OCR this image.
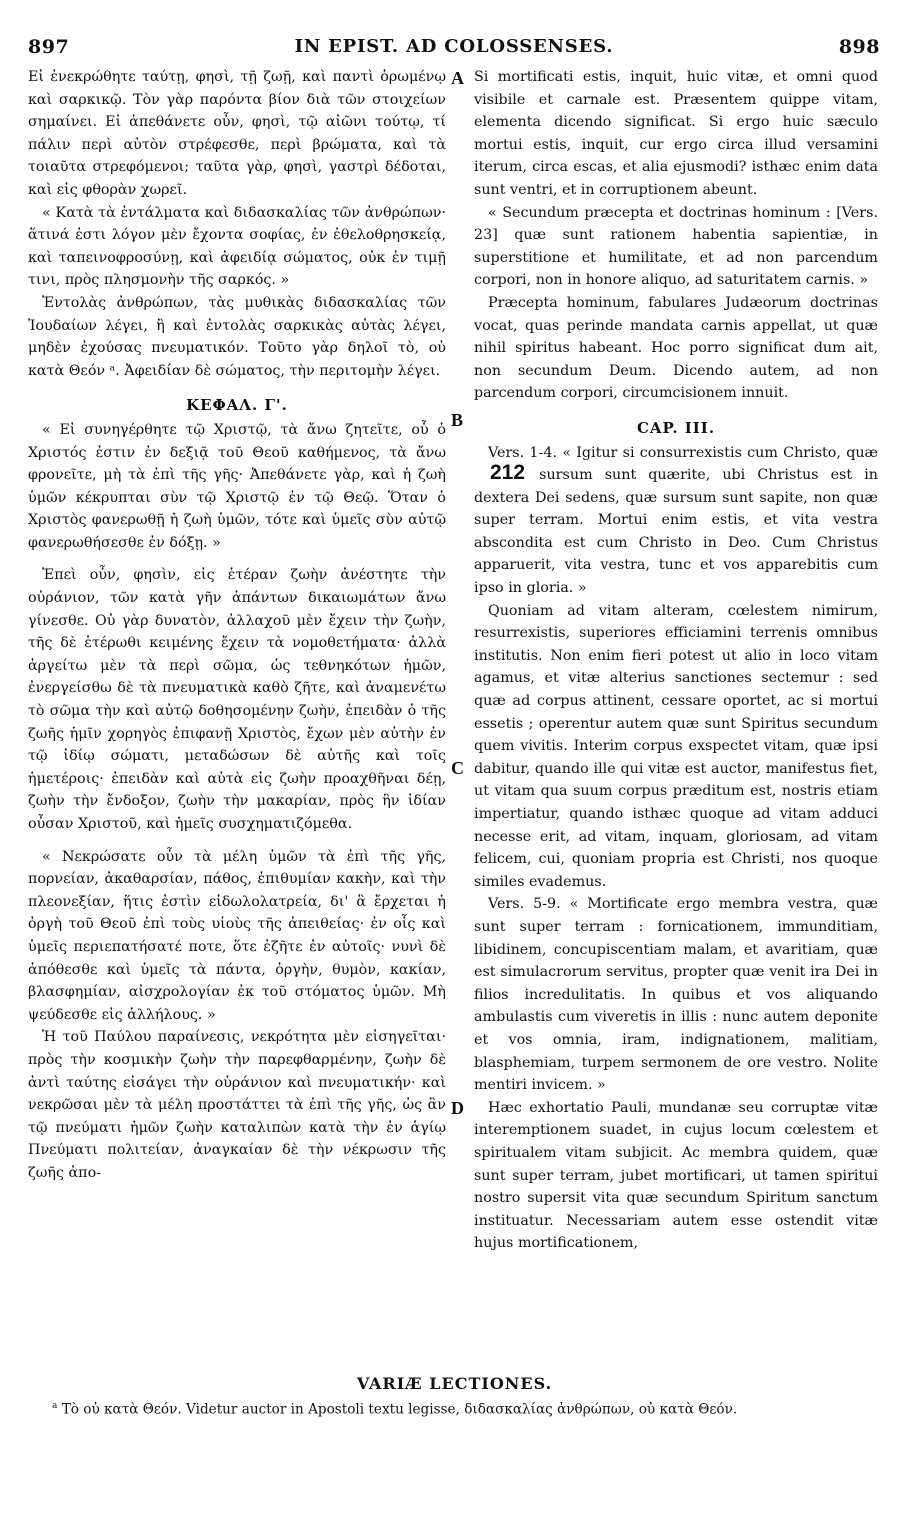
897	IN EPIST. AD COLOSSENSES.	898

Εἰ ἐνεκρώθητε ταύτῃ, φησὶ, τῇ ζωῇ, καὶ παντὶ ὁρωμένῳ καὶ σαρκικῷ. Τὸν γὰρ παρόντα βίον διὰ τῶν στοιχείων σημαίνει. Εἰ ἀπεθάνετε οὖν, φησὶ, τῷ αἰῶνι τούτῳ, τί πάλιν περὶ αὐτὸν στρέφεσθε, περὶ βρώματα, καὶ τὰ τοιαῦτα στρεφόμενοι; ταῦτα γὰρ, φησὶ, γαστρὶ δέδοται, καὶ εἰς φθορὰν χωρεῖ.

« Κατὰ τὰ ἐντάλματα καὶ διδασκαλίας τῶν ἀνθρώπων· ἅτινά ἐστι λόγον μὲν ἔχοντα σοφίας, ἐν ἐθελοθρησκείᾳ, καὶ ταπεινοφροσύνῃ, καὶ ἀφειδίᾳ σώματος, οὐκ ἐν τιμῇ τινι, πρὸς πλησμονὴν τῆς σαρκός. »

Ἐντολὰς ἀνθρώπων, τὰς μυθικὰς διδασκαλίας τῶν Ἰουδαίων λέγει, ἢ καὶ ἐντολὰς σαρκικὰς αὐτὰς λέγει, μηδὲν ἐχούσας πνευματικόν. Τοῦτο γὰρ δηλοῖ τὸ, οὐ κατὰ Θεόν ᵃ. Ἀφειδίαν δὲ σώματος, τὴν περιτομὴν λέγει.

ΚΕΦΑΛ. Γ'.

« Εἰ συνηγέρθητε τῷ Χριστῷ, τὰ ἄνω ζητεῖτε, οὗ ὁ Χριστός ἐστιν ἐν δεξιᾷ τοῦ Θεοῦ καθήμενος, τὰ ἄνω φρονεῖτε, μὴ τὰ ἐπὶ τῆς γῆς· Ἀπεθάνετε γὰρ, καὶ ἡ ζωὴ ὑμῶν κέκρυπται σὺν τῷ Χριστῷ ἐν τῷ Θεῷ. Ὅταν ὁ Χριστὸς φανερωθῇ ἡ ζωὴ ὑμῶν, τότε καὶ ὑμεῖς σὺν αὐτῷ φανερωθήσεσθε ἐν δόξῃ. »

Ἐπεὶ οὖν, φησὶν, εἰς ἑτέραν ζωὴν ἀνέστητε τὴν οὐράνιον, τῶν κατὰ γῆν ἁπάντων δικαιωμάτων ἄνω γίνεσθε. Οὐ γὰρ δυνατὸν, ἀλλαχοῦ μὲν ἔχειν τὴν ζωὴν, τῆς δὲ ἑτέρωθι κειμένης ἔχειν τὰ νομοθετήματα· ἀλλὰ ἀργείτω μὲν τὰ περὶ σῶμα, ὡς τεθνηκότων ἡμῶν, ἐνεργείσθω δὲ τὰ πνευματικὰ καθὸ ζῆτε, καὶ ἀναμενέτω τὸ σῶμα τὴν καὶ αὐτῷ δοθησομένην ζωὴν, ἐπειδὰν ὁ τῆς ζωῆς ἡμῖν χορηγὸς ἐπιφανῇ Χριστὸς, ἔχων μὲν αὐτὴν ἐν τῷ ἰδίῳ σώματι, μεταδώσων δὲ αὐτῆς καὶ τοῖς ἡμετέροις· ἐπειδὰν καὶ αὐτὰ εἰς ζωὴν προαχθῆναι δέῃ, ζωὴν τὴν ἔνδοξον, ζωὴν τὴν μακαρίαν, πρὸς ἣν ἰδίαν οὖσαν Χριστοῦ, καὶ ἡμεῖς συσχηματιζόμεθα.

« Νεκρώσατε οὖν τὰ μέλη ὑμῶν τὰ ἐπὶ τῆς γῆς, πορνείαν, ἀκαθαρσίαν, πάθος, ἐπιθυμίαν κακὴν, καὶ τὴν πλεονεξίαν, ἥτις ἐστὶν εἰδωλολατρεία, δι' ἃ ἔρχεται ἡ ὀργὴ τοῦ Θεοῦ ἐπὶ τοὺς υἱοὺς τῆς ἀπειθείας· ἐν οἷς καὶ ὑμεῖς περιεπατήσατέ ποτε, ὅτε ἐζῆτε ἐν αὐτοῖς· νυνὶ δὲ ἀπόθεσθε καὶ ὑμεῖς τὰ πάντα, ὀργὴν, θυμὸν, κακίαν, βλασφημίαν, αἰσχρολογίαν ἐκ τοῦ στόματος ὑμῶν. Μὴ ψεύδεσθε εἰς ἀλλήλους. »

Ἡ τοῦ Παύλου παραίνεσις, νεκρότητα μὲν εἰσηγεῖται· πρὸς τὴν κοσμικὴν ζωὴν τὴν παρεφθαρμένην, ζωὴν δὲ ἀντὶ ταύτης εἰσάγει τὴν οὐράνιον καὶ πνευματικήν· καὶ νεκρῶσαι μὲν τὰ μέλη προστάττει τὰ ἐπὶ τῆς γῆς, ὡς ἂν τῷ πνεύματι ἡμῶν ζωὴν καταλιπὼν κατὰ τὴν ἐν ἁγίῳ Πνεύματι πολιτείαν, ἀναγκαίαν δὲ τὴν νέκρωσιν τῆς ζωῆς ἀπο-

A
B
C
D

Si mortificati estis, inquit, huic vitæ, et omni quod visibile et carnale est. Præsentem quippe vitam, elementa dicendo significat. Si ergo huic sæculo mortui estis, inquit, cur ergo circa illud versamini iterum, circa escas, et alia ejusmodi? isthæc enim data sunt ventri, et in corruptionem abeunt.

« Secundum præcepta et doctrinas hominum : [Vers. 23] quæ sunt rationem habentia sapientiæ, in superstitione et humilitate, et ad non parcendum corpori, non in honore aliquo, ad saturitatem carnis. »

Præcepta hominum, fabulares Judæorum doctrinas vocat, quas perinde mandata carnis appellat, ut quæ nihil spiritus habeant. Hoc porro significat dum ait, non secundum Deum. Dicendo autem, ad non parcendum corpori, circumcisionem innuit.

CAP. III.

Vers. 1-4. « Igitur si consurrexistis cum Christo, quæ 212 sursum sunt quærite, ubi Christus est in dextera Dei sedens, quæ sursum sunt sapite, non quæ super terram. Mortui enim estis, et vita vestra abscondita est cum Christo in Deo. Cum Christus apparuerit, vita vestra, tunc et vos apparebitis cum ipso in gloria. »

Quoniam ad vitam alteram, cœlestem nimirum, resurrexistis, superiores efficiamini terrenis omnibus institutis. Non enim fieri potest ut alio in loco vitam agamus, et vitæ alterius sanctiones sectemur : sed quæ ad corpus attinent, cessare oportet, ac si mortui essetis ; operentur autem quæ sunt Spiritus secundum quem vivitis. Interim corpus exspectet vitam, quæ ipsi dabitur, quando ille qui vitæ est auctor, manifestus fiet, ut vitam qua suum corpus præditum est, nostris etiam impertiatur, quando isthæc quoque ad vitam adduci necesse erit, ad vitam, inquam, gloriosam, ad vitam felicem, cui, quoniam propria est Christi, nos quoque similes evademus.

Vers. 5-9. « Mortificate ergo membra vestra, quæ sunt super terram : fornicationem, immunditiam, libidinem, concupiscentiam malam, et avaritiam, quæ est simulacrorum servitus, propter quæ venit ira Dei in filios incredulitatis. In quibus et vos aliquando ambulastis cum viveretis in illis : nunc autem deponite et vos omnia, iram, indignationem, malitiam, blasphemiam, turpem sermonem de ore vestro. Nolite mentiri invicem. »

Hæc exhortatio Pauli, mundanæ seu corruptæ vitæ interemptionem suadet, in cujus locum cœlestem et spiritualem vitam subjicit. Ac membra quidem, quæ sunt super terram, jubet mortificari, ut tamen spiritui nostro supersit vita quæ secundum Spiritum sanctum instituatur. Necessariam autem esse ostendit vitæ hujus mortificationem,

VARIÆ LECTIONES.
$^a$ Τὸ οὐ κατὰ Θεόν. Videtur auctor in Apostoli textu legisse, διδασκαλίας ἀνθρώπων, οὐ κατὰ Θεόν.
